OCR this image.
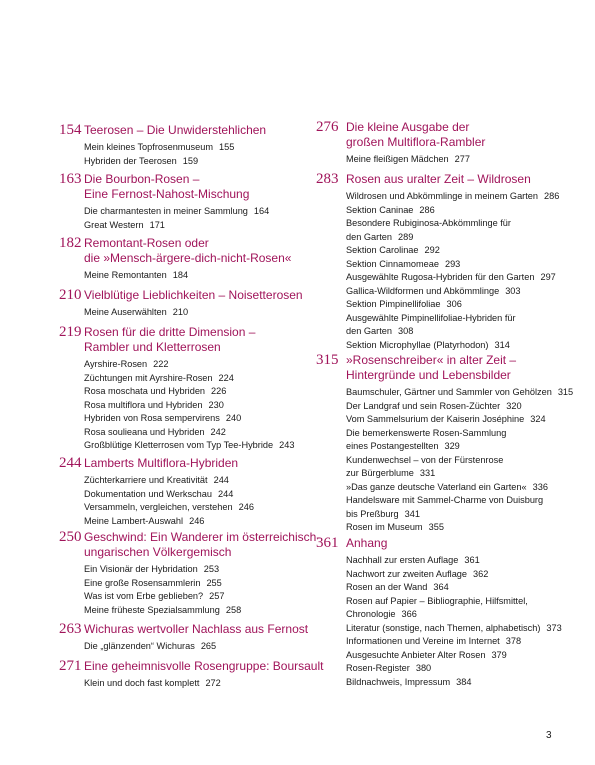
154 Teerosen – Die Unwiderstehlichen
Mein kleines Topfrosenmuseum 155
Hybriden der Teerosen 159
163 Die Bourbon-Rosen –
Eine Fernost-Nahost-Mischung
Die charmantesten in meiner Sammlung 164
Great Western 171
182 Remontant-Rosen oder
die »Mensch-ärgere-dich-nicht-Rosen«
Meine Remontanten 184
210 Vielblütige Lieblichkeiten – Noisetterosen
Meine Auserwählten 210
219 Rosen für die dritte Dimension –
Rambler und Kletterrosen
Ayrshire-Rosen 222
Züchtungen mit Ayrshire-Rosen 224
Rosa moschata und Hybriden 226
Rosa multiflora und Hybriden 230
Hybriden von Rosa sempervirens 240
Rosa soulieana und Hybriden 242
Großblütige Kletterrosen vom Typ Tee-Hybride 243
244 Lamberts Multiflora-Hybriden
Züchterkarriere und Kreativität 244
Dokumentation und Werkschau 244
Versammeln, vergleichen, verstehen 246
Meine Lambert-Auswahl 246
250 Geschwind: Ein Wanderer im österreichisch-
ungarischen Völkergemisch
Ein Visionär der Hybridation 253
Eine große Rosensammlerin 255
Was ist vom Erbe geblieben? 257
Meine früheste Spezialsammlung 258
263 Wichuras wertvoller Nachlass aus Fernost
Die „glänzenden“ Wichuras 265
271 Eine geheimnisvolle Rosengruppe: Boursault
Klein und doch fast komplett 272
276 Die kleine Ausgabe der
großen Multiflora-Rambler
Meine fleißigen Mädchen 277
283 Rosen aus uralter Zeit – Wildrosen
Wildrosen und Abkömmlinge in meinem Garten 286
Sektion Caninae 286
Besondere Rubiginosa-Abkömmlinge für
den Garten 289
Sektion Carolinae 292
Sektion Cinnamomeae 293
Ausgewählte Rugosa-Hybriden für den Garten 297
Gallica-Wildformen und Abkömmlinge 303
Sektion Pimpinellifoliae 306
Ausgewählte Pimpinellifoliae-Hybriden für
den Garten 308
Sektion Microphyllae (Platyrhodon) 314
315 »Rosenschreiber« in alter Zeit –
Hintergründe und Lebensbilder
Baumschuler, Gärtner und Sammler von Gehölzen 315
Der Landgraf und sein Rosen-Züchter 320
Vom Sammelsurium der Kaiserin Joséphine 324
Die bemerkenswerte Rosen-Sammlung
eines Postangestellten 329
Kundenwechsel – von der Fürstenrose
zur Bürgerblume 331
»Das ganze deutsche Vaterland ein Garten« 336
Handelsware mit Sammel-Charme von Duisburg
bis Preßburg 341
Rosen im Museum 355
361 Anhang
Nachhall zur ersten Auflage 361
Nachwort zur zweiten Auflage 362
Rosen an der Wand 364
Rosen auf Papier – Bibliographie, Hilfsmittel,
Chronologie 366
Literatur (sonstige, nach Themen, alphabetisch) 373
Informationen und Vereine im Internet 378
Ausgesuchte Anbieter Alter Rosen 379
Rosen-Register 380
Bildnachweis, Impressum 384
3
